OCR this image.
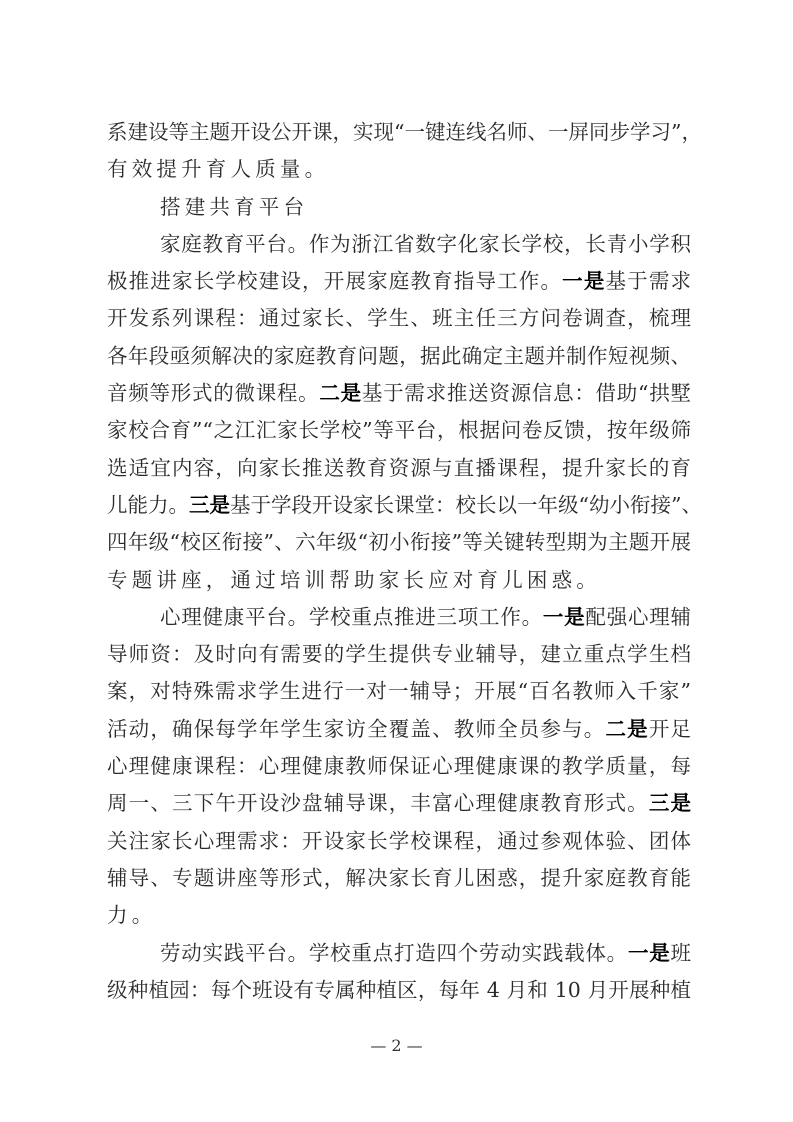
系建设等主题开设公开课，实现“一键连线名师、一屏同步学习”，
有效提升育人质量。
搭建共育平台
家庭教育平台。作为浙江省数字化家长学校，长青小学积
极推进家长学校建设，开展家庭教育指导工作。一是基于需求
开发系列课程：通过家长、学生、班主任三方问卷调查，梳理
各年段亟须解决的家庭教育问题，据此确定主题并制作短视频、
音频等形式的微课程。二是基于需求推送资源信息：借助“拱墅
家校合育”“之江汇家长学校”等平台，根据问卷反馈，按年级筛
选适宜内容，向家长推送教育资源与直播课程，提升家长的育
儿能力。三是基于学段开设家长课堂：校长以一年级“幼小衔接”、
四年级“校区衔接”、六年级“初小衔接”等关键转型期为主题开展
专题讲座，通过培训帮助家长应对育儿困惑。
心理健康平台。学校重点推进三项工作。一是配强心理辅
导师资：及时向有需要的学生提供专业辅导，建立重点学生档
案，对特殊需求学生进行一对一辅导；开展“百名教师入千家”
活动，确保每学年学生家访全覆盖、教师全员参与。二是开足
心理健康课程：心理健康教师保证心理健康课的教学质量，每
周一、三下午开设沙盘辅导课，丰富心理健康教育形式。三是
关注家长心理需求：开设家长学校课程，通过参观体验、团体
辅导、专题讲座等形式，解决家长育儿困惑，提升家庭教育能
力。
劳动实践平台。学校重点打造四个劳动实践载体。一是班
级种植园：每个班设有专属种植区，每年 4 月和 10 月开展种植
— 2 —
